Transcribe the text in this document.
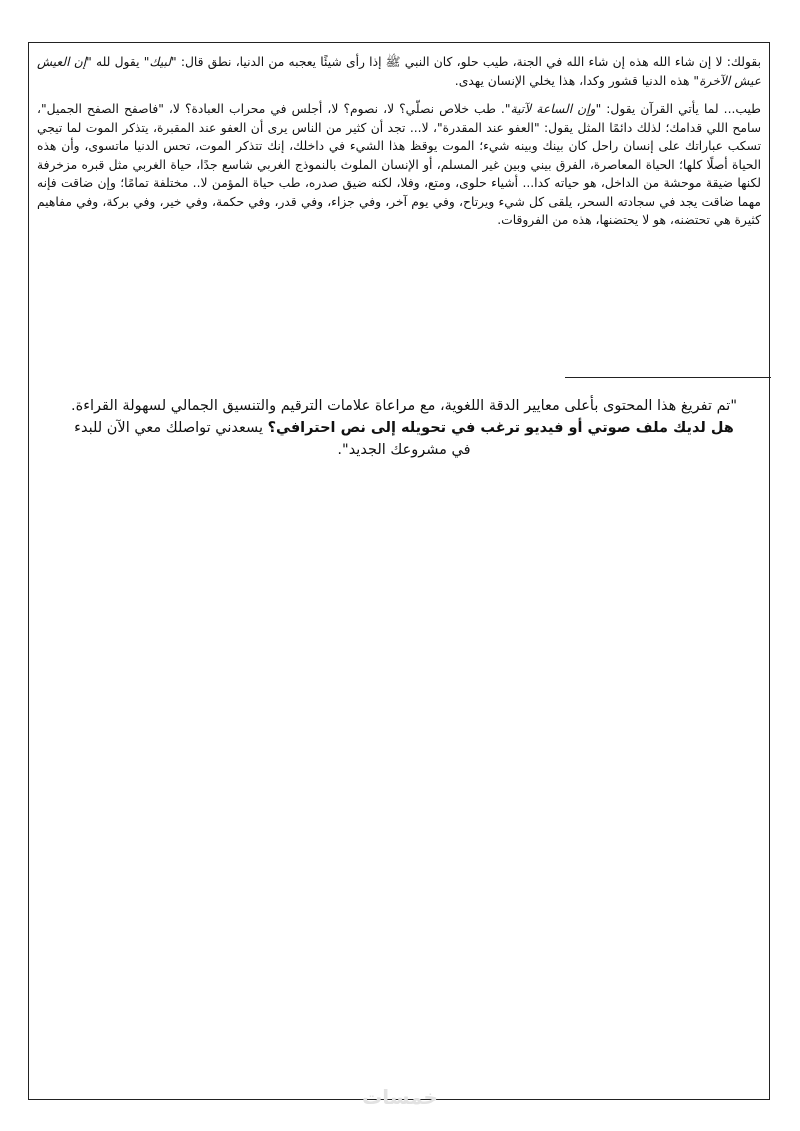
بقولك: لا إن شاء الله هذه إن شاء الله في الجنة، طيب حلو، كان النبي ﷺ إذا رأى شيئًا يعجبه من الدنيا، نطق قال: "لبيك" يقول لله "إن العيش عيش الآخرة" هذه الدنيا قشور وكدا، هذا يخلي الإنسان يهدى.

طيب... لما يأتي القرآن يقول: "وإن الساعة لآتية". طب خلاص نصلّي؟ لا، نصوم؟ لا، أجلس في محراب العبادة؟ لا، "فاصفح الصفح الجميل"، سامح اللي قدامك؛ لذلك دائمًا المثل يقول: "العفو عند المقدرة"، لا... تجد أن كثير من الناس يرى أن العفو عند المقبرة، يتذكر الموت لما تيجي تسكب عباراتك على إنسان راحل كان بينك وبينه شيء؛ الموت يوقظ هذا الشيء في داخلك، إنك تتذكر الموت، تحس الدنيا ماتسوى، وأن هذه الحياة أصلًا كلها؛ الحياة المعاصرة، الفرق بيني وبين غير المسلم، أو الإنسان الملوث بالنموذج الغربي شاسع جدًا، حياة الغربي مثل قبره مزخرفة لكنها ضيقة موحشة من الداخل، هو حياته كدا... أشياء حلوى، ومتع، وفلا، لكنه ضيق صدره، طب حياة المؤمن لا.. مختلفة تمامًا؛ وإن ضاقت فإنه مهما ضاقت يجد في سجادته السحر، يلقى كل شيء ويرتاح، وفي يوم آخر، وفي جزاء، وفي قدر، وفي حكمة، وفي خير، وفي بركة، وفي مفاهيم كثيرة هي تحتضنه، هو لا يحتضنها، هذه من الفروقات.

"تم تفريغ هذا المحتوى بأعلى معايير الدقة اللغوية، مع مراعاة علامات الترقيم والتنسيق الجمالي لسهولة القراءة. هل لديك ملف صوتي أو فيديو ترغب في تحويله إلى نص احترافي؟ يسعدني تواصلك معي الآن للبدء في مشروعك الجديد".

خمسات
